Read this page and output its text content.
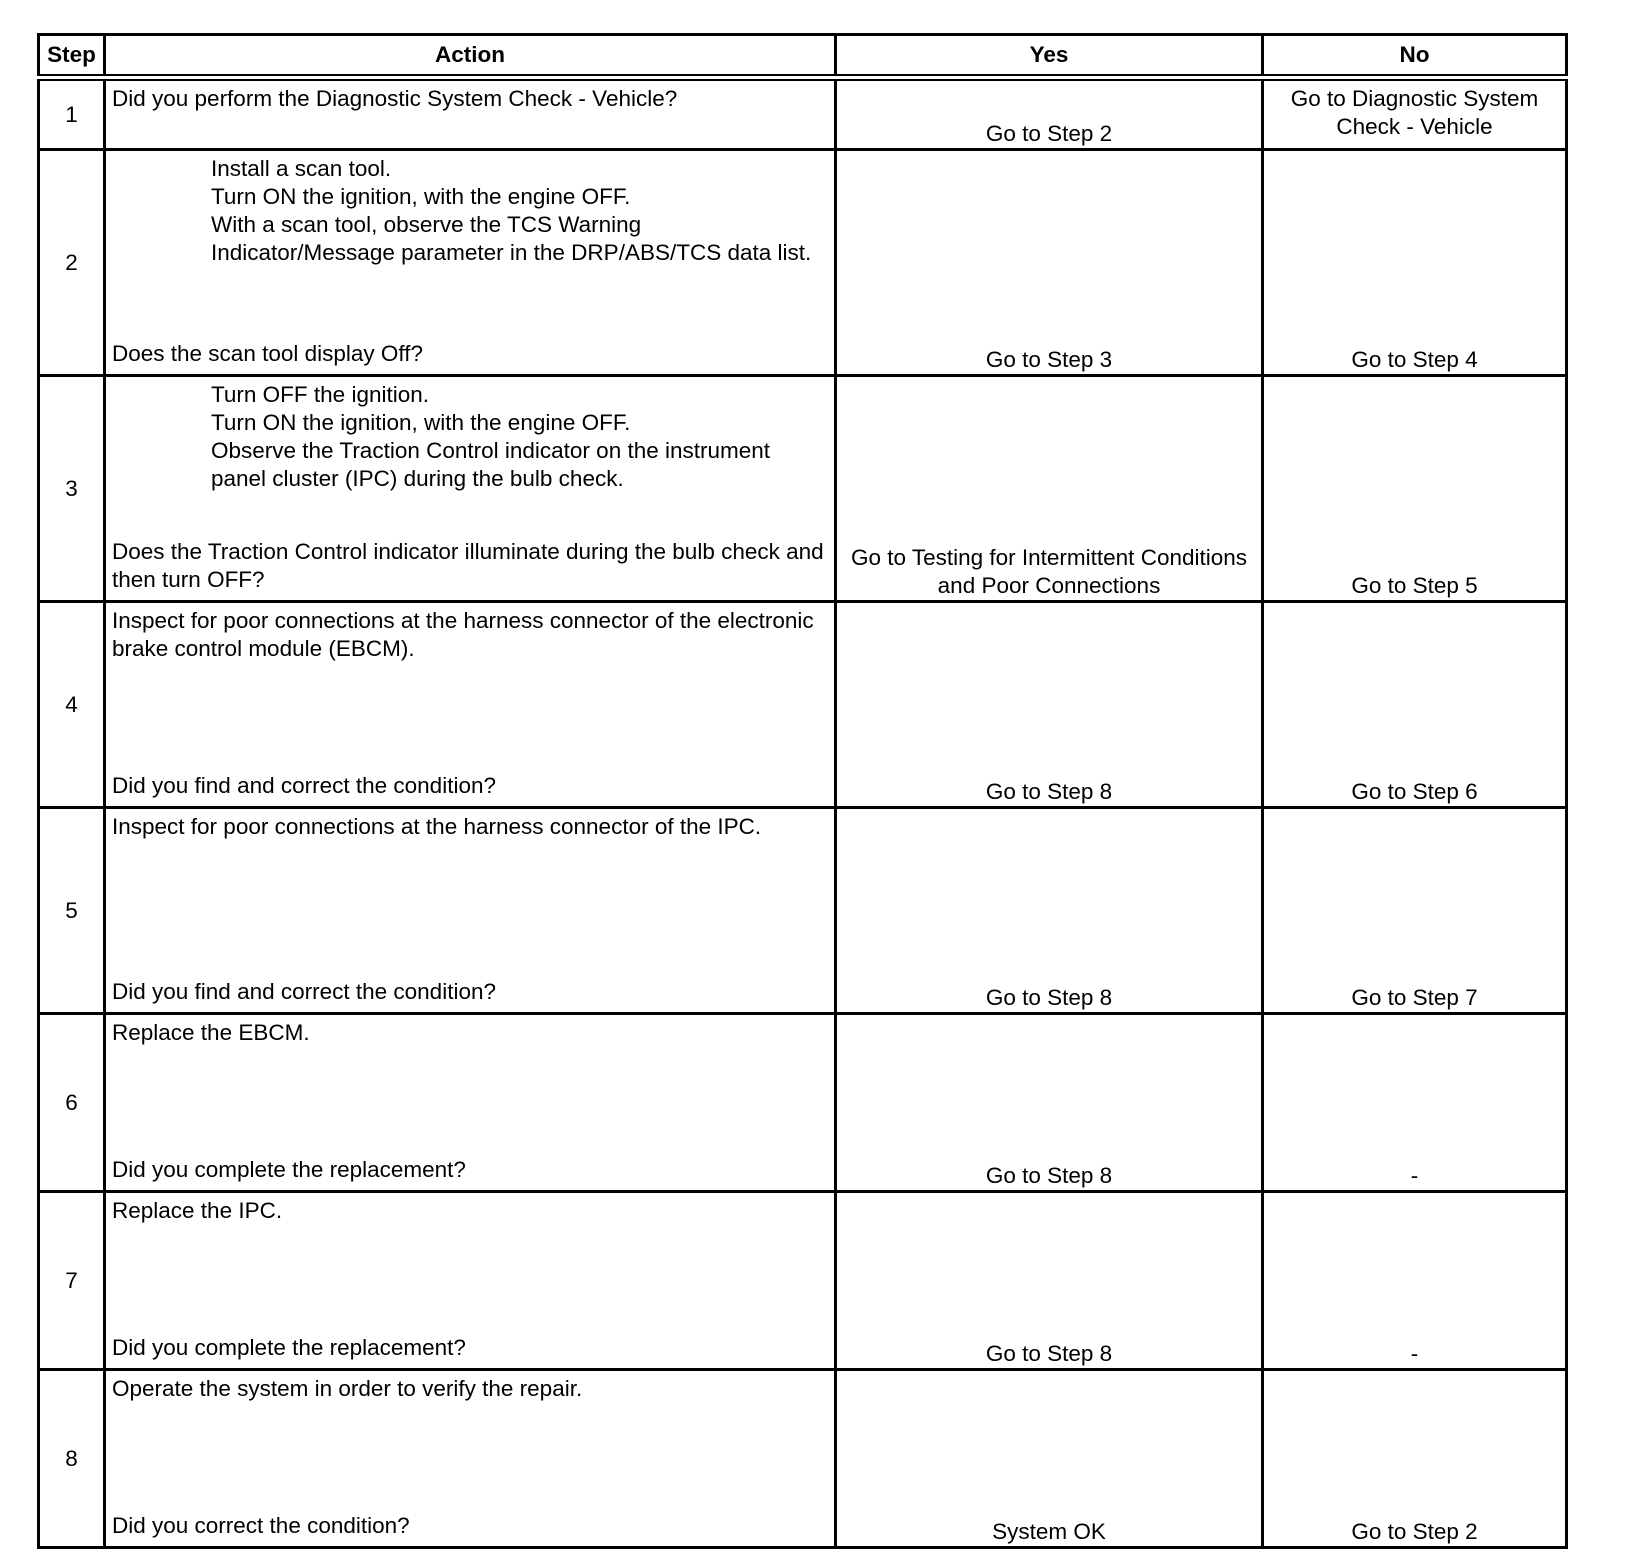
Step	Action	Yes	No
1	Did you perform the Diagnostic System Check - Vehicle?	Go to Step 2	Go to Diagnostic System Check - Vehicle
2	Install a scan tool.
Turn ON the ignition, with the engine OFF.
With a scan tool, observe the TCS Warning Indicator/Message parameter in the DRP/ABS/TCS data list.
Does the scan tool display Off?	Go to Step 3	Go to Step 4
3	Turn OFF the ignition.
Turn ON the ignition, with the engine OFF.
Observe the Traction Control indicator on the instrument panel cluster (IPC) during the bulb check.
Does the Traction Control indicator illuminate during the bulb check and then turn OFF?	Go to Testing for Intermittent Conditions and Poor Connections	Go to Step 5
4	Inspect for poor connections at the harness connector of the electronic brake control module (EBCM).
Did you find and correct the condition?	Go to Step 8	Go to Step 6
5	Inspect for poor connections at the harness connector of the IPC.
Did you find and correct the condition?	Go to Step 8	Go to Step 7
6	Replace the EBCM.
Did you complete the replacement?	Go to Step 8	-
7	Replace the IPC.
Did you complete the replacement?	Go to Step 8	-
8	Operate the system in order to verify the repair.
Did you correct the condition?	System OK	Go to Step 2
